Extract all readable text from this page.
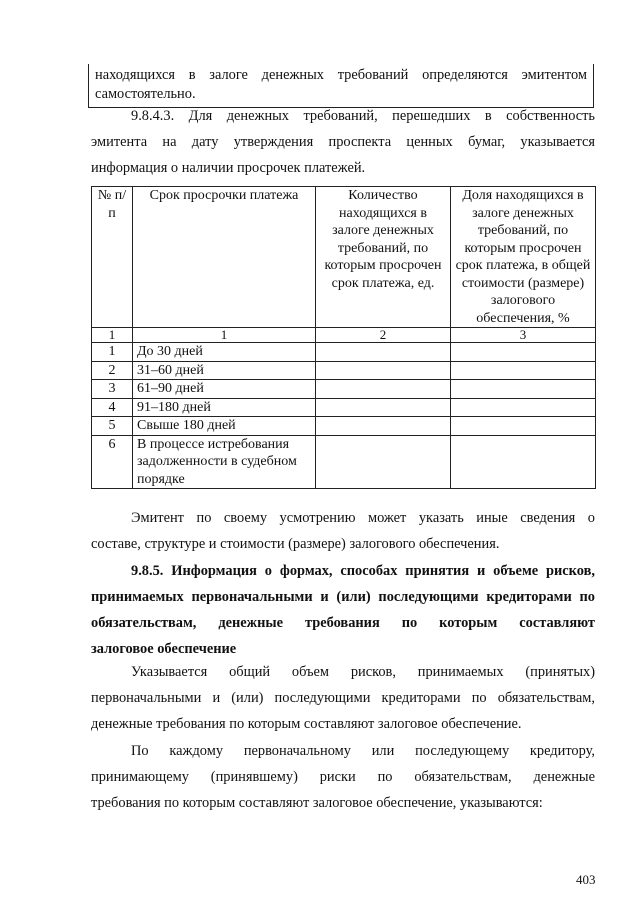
находящихся в залоге денежных требований определяются эмитентом
самостоятельно.
9.8.4.3. Для денежных требований, перешедших в собственность
эмитента на дату утверждения проспекта ценных бумаг, указывается
информация о наличии просрочек платежей.
№ п/п	Срок просрочки платежа	Количество находящихся в залоге денежных требований, по которым просрочен срок платежа, ед.	Доля находящихся в залоге денежных требований, по которым просрочен срок платежа, в общей стоимости (размере) залогового обеспечения, %
1	1	2	3
1	До 30 дней		
2	31–60 дней		
3	61–90 дней		
4	91–180 дней		
5	Свыше 180 дней		
6	В процессе истребования задолженности в судебном порядке		
Эмитент по своему усмотрению может указать иные сведения о
составе, структуре и стоимости (размере) залогового обеспечения.
9.8.5. Информация о формах, способах принятия и объеме рисков,
принимаемых первоначальными и (или) последующими кредиторами по
обязательствам, денежные требования по которым составляют
залоговое обеспечение
Указывается общий объем рисков, принимаемых (принятых)
первоначальными и (или) последующими кредиторами по обязательствам,
денежные требования по которым составляют залоговое обеспечение.
По каждому первоначальному или последующему кредитору,
принимающему (принявшему) риски по обязательствам, денежные
требования по которым составляют залоговое обеспечение, указываются:
403
